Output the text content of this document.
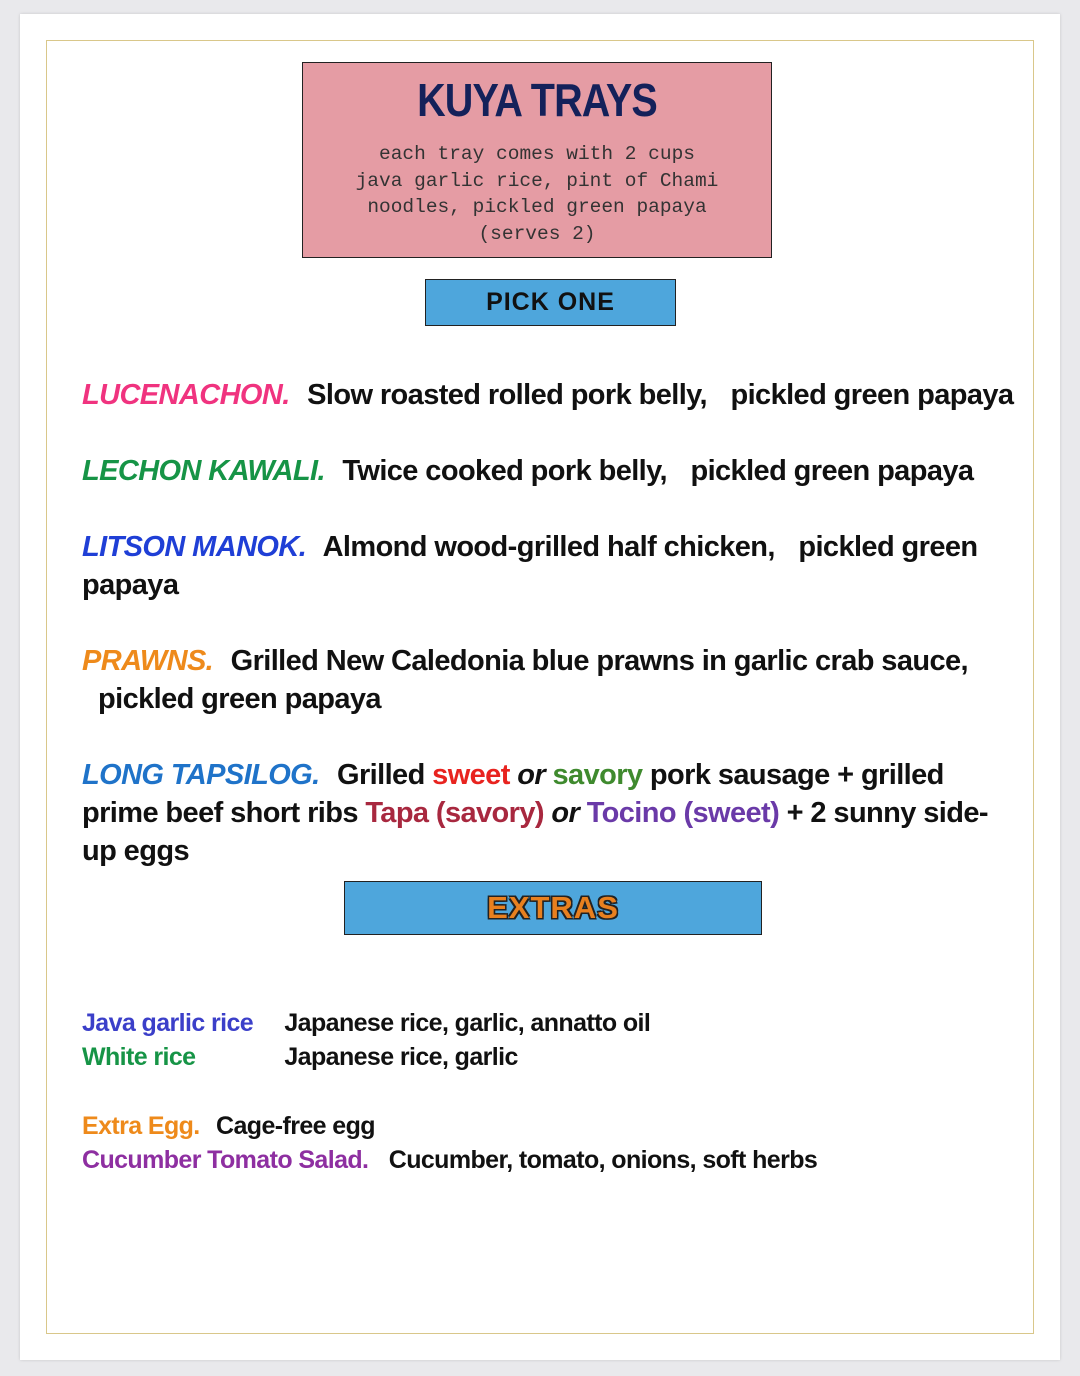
KUYA TRAYS
each tray comes with 2 cups
java garlic rice, pint of Chami
noodles, pickled green papaya
(serves 2)
PICK ONE
LUCENACHON. Slow roasted rolled pork belly, pickled green papaya
LECHON KAWALI. Twice cooked pork belly, pickled green papaya
LITSON MANOK. Almond wood-grilled half chicken, pickled green papaya
PRAWNS. Grilled New Caledonia blue prawns in garlic crab sauce, pickled green papaya
LONG TAPSILOG. Grilled sweet or savory pork sausage + grilled prime beef short ribs Tapa (savory) or Tocino (sweet) + 2 sunny side-up eggs
EXTRAS
Java garlic rice Japanese rice, garlic, annatto oil
White rice	Japanese rice, garlic
Extra Egg. Cage-free egg
Cucumber Tomato Salad. Cucumber, tomato, onions, soft herbs
